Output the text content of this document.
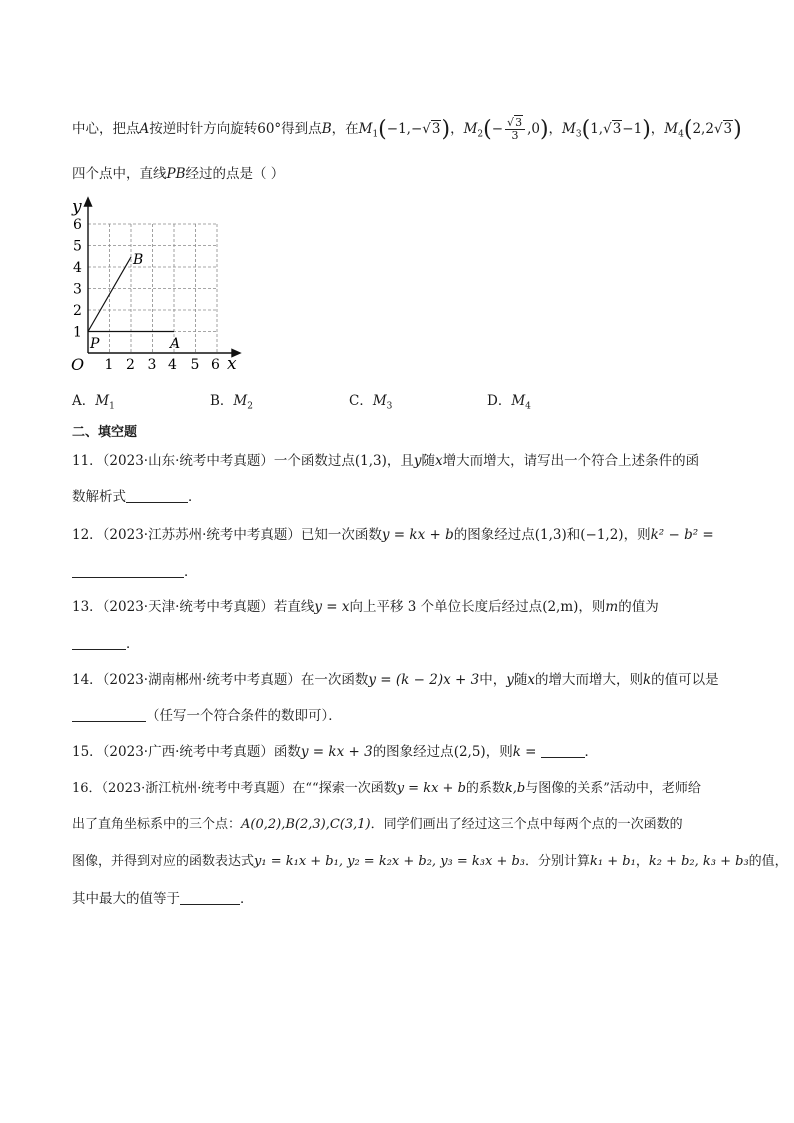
中心，把点A按逆时针方向旋转60°得到点B，在$M_1(-1,-√3)$，$M_2(- \frac{√3}{3} ,0)$，$M_3(1,√3-1)$，$M_4(2,2√3)$
四个点中，直线PB经过的点是（ ）
y
x
O
P	A
B
1 2 3 4 5 6
1
2
3
4
5
6
A．$M_1$	B．$M_2$	C．$M_3$	D．$M_4$
二、填空题
11．（2023·山东·统考中考真题）一个函数过点(1,3)，且y随x增大而增大，请写出一个符合上述条件的函
数解析式	．
12．（2023·江苏苏州·统考中考真题）已知一次函数y = kx + b的图象经过点(1,3)和(−1,2)，则k² − b² =
．
13．（2023·天津·统考中考真题）若直线y = x向上平移 3 个单位长度后经过点(2,m)，则m的值为
．
14．（2023·湖南郴州·统考中考真题）在一次函数y = (k − 2)x + 3中，y随x的增大而增大，则k的值可以是
（任写一个符合条件的数即可）．
15．（2023·广西·统考中考真题）函数y = kx + 3的图象经过点(2,5)，则k =	．
16．（2023·浙江杭州·统考中考真题）在““探索一次函数y = kx + b的系数k,b与图像的关系”活动中，老师给
出了直角坐标系中的三个点：A(0,2),B(2,3),C(3,1)．同学们画出了经过这三个点中每两个点的一次函数的
图像，并得到对应的函数表达式y₁ = k₁x + b₁, y₂ = k₂x + b₂, y₃ = k₃x + b₃．分别计算k₁ + b₁，k₂ + b₂, k₃ + b₃的值，
其中最大的值等于	．
